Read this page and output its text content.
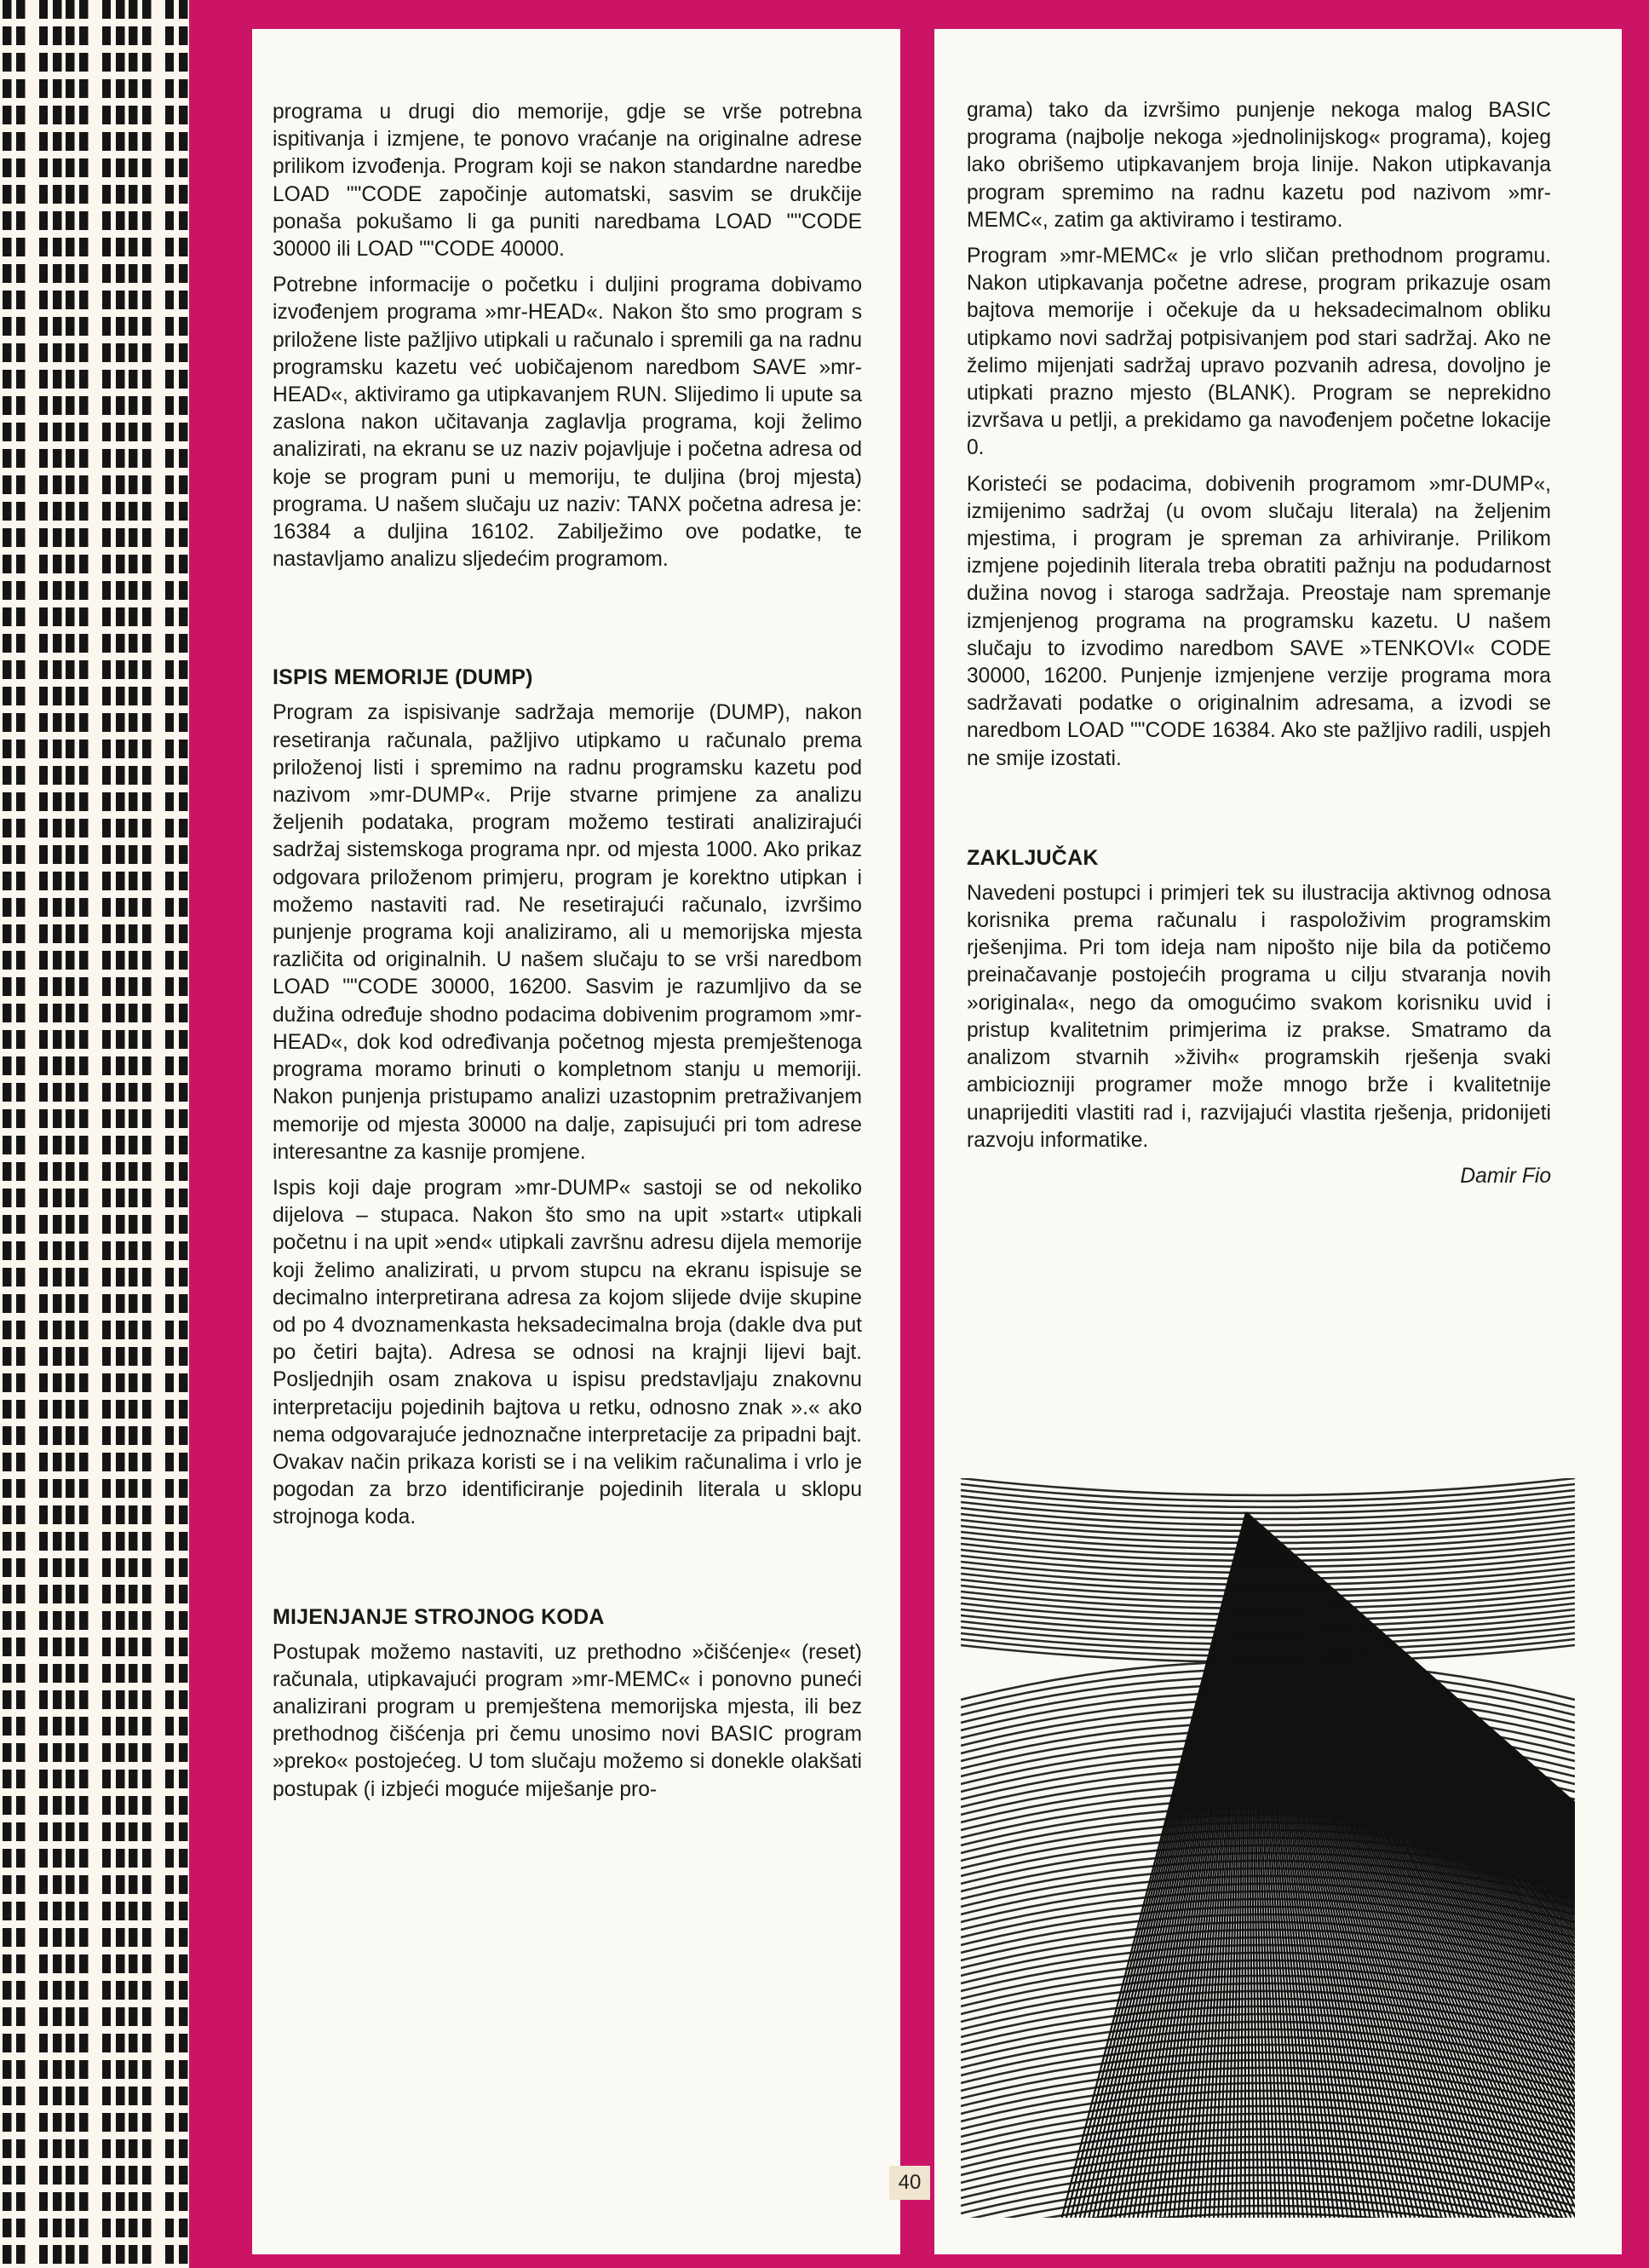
programa u drugi dio memorije, gdje se vrše potrebna ispitivanja i izmjene, te ponovo vraćanje na originalne adrese prilikom izvođenja. Program koji se nakon standardne naredbe LOAD ""CODE započinje automatski, sasvim se drukčije ponaša pokušamo li ga puniti naredbama LOAD ""CODE 30000 ili LOAD ""CODE 40000.

Potrebne informacije o početku i duljini programa dobivamo izvođenjem programa »mr-HEAD«. Nakon što smo program s priložene liste pažljivo utipkali u računalo i spremili ga na radnu programsku kazetu već uobičajenom naredbom SAVE »mr-HEAD«, aktiviramo ga utipkavanjem RUN. Slijedimo li upute sa zaslona nakon učitavanja zaglavlja programa, koji želimo analizirati, na ekranu se uz naziv pojavljuje i početna adresa od koje se program puni u memoriju, te duljina (broj mjesta) programa. U našem slučaju uz naziv: TANX početna adresa je: 16384 a duljina 16102. Zabilježimo ove podatke, te nastavljamo analizu sljedećim programom.

ISPIS MEMORIJE (DUMP)

Program za ispisivanje sadržaja memorije (DUMP), nakon resetiranja računala, pažljivo utipkamo u računalo prema priloženoj listi i spremimo na radnu programsku kazetu pod nazivom »mr-DUMP«. Prije stvarne primjene za analizu željenih podataka, program možemo testirati analizirajući sadržaj sistemskoga programa npr. od mjesta 1000. Ako prikaz odgovara priloženom primjeru, program je korektno utipkan i možemo nastaviti rad. Ne resetirajući računalo, izvršimo punjenje programa koji analiziramo, ali u memorijska mjesta različita od originalnih. U našem slučaju to se vrši naredbom LOAD ""CODE 30000, 16200. Sasvim je razumljivo da se dužina određuje shodno podacima dobivenim programom »mr-HEAD«, dok kod određivanja početnog mjesta premještenoga programa moramo brinuti o kompletnom stanju u memoriji. Nakon punjenja pristupamo analizi uzastopnim pretraživanjem memorije od mjesta 30000 na dalje, zapisujući pri tom adrese interesantne za kasnije promjene.

Ispis koji daje program »mr-DUMP« sastoji se od nekoliko dijelova – stupaca. Nakon što smo na upit »start« utipkali početnu i na upit »end« utipkali završnu adresu dijela memorije koji želimo analizirati, u prvom stupcu na ekranu ispisuje se decimalno interpretirana adresa za kojom slijede dvije skupine od po 4 dvoznamenkasta heksadecimalna broja (dakle dva put po četiri bajta). Adresa se odnosi na krajnji lijevi bajt. Posljednjih osam znakova u ispisu predstavljaju znakovnu interpretaciju pojedinih bajtova u retku, odnosno znak ».« ako nema odgovarajuće jednoznačne interpretacije za pripadni bajt. Ovakav način prikaza koristi se i na velikim računalima i vrlo je pogodan za brzo identificiranje pojedinih literala u sklopu strojnoga koda.

MIJENJANJE STROJNOG KODA

Postupak možemo nastaviti, uz prethodno »čišćenje« (reset) računala, utipkavajući program »mr-MEMC« i ponovno puneći analizirani program u premještena memorijska mjesta, ili bez prethodnog čišćenja pri čemu unosimo novi BASIC program »preko« postojećeg. U tom slučaju možemo si donekle olakšati postupak (i izbjeći moguće miješanje pro-

grama) tako da izvršimo punjenje nekoga malog BASIC programa (najbolje nekoga »jednolinijskog« programa), kojeg lako obrišemo utipkavanjem broja linije. Nakon utipkavanja program spremimo na radnu kazetu pod nazivom »mr-MEMC«, zatim ga aktiviramo i testiramo.

Program »mr-MEMC« je vrlo sličan prethodnom programu. Nakon utipkavanja početne adrese, program prikazuje osam bajtova memorije i očekuje da u heksadecimalnom obliku utipkamo novi sadržaj potpisivanjem pod stari sadržaj. Ako ne želimo mijenjati sadržaj upravo pozvanih adresa, dovoljno je utipkati prazno mjesto (BLANK). Program se neprekidno izvršava u petlji, a prekidamo ga navođenjem početne lokacije 0.

Koristeći se podacima, dobivenih programom »mr-DUMP«, izmijenimo sadržaj (u ovom slučaju literala) na željenim mjestima, i program je spreman za arhiviranje. Prilikom izmjene pojedinih literala treba obratiti pažnju na podudarnost dužina novog i staroga sadržaja. Preostaje nam spremanje izmjenjenog programa na programsku kazetu. U našem slučaju to izvodimo naredbom SAVE »TENKOVI« CODE 30000, 16200. Punjenje izmjenjene verzije programa mora sadržavati podatke o originalnim adresama, a izvodi se naredbom LOAD ""CODE 16384. Ako ste pažljivo radili, uspjeh ne smije izostati.

ZAKLJUČAK

Navedeni postupci i primjeri tek su ilustracija aktivnog odnosa korisnika prema računalu i raspoloživim programskim rješenjima. Pri tom ideja nam nipošto nije bila da potičemo preinačavanje postojećih programa u cilju stvaranja novih »originala«, nego da omogućimo svakom korisniku uvid i pristup kvalitetnim primjerima iz prakse. Smatramo da analizom stvarnih »živih« programskih rješenja svaki ambiciozniji programer može mnogo brže i kvalitetnije unaprijediti vlastiti rad i, razvijajući vlastita rješenja, pridonijeti razvoju informatike.

Damir Fio

40
